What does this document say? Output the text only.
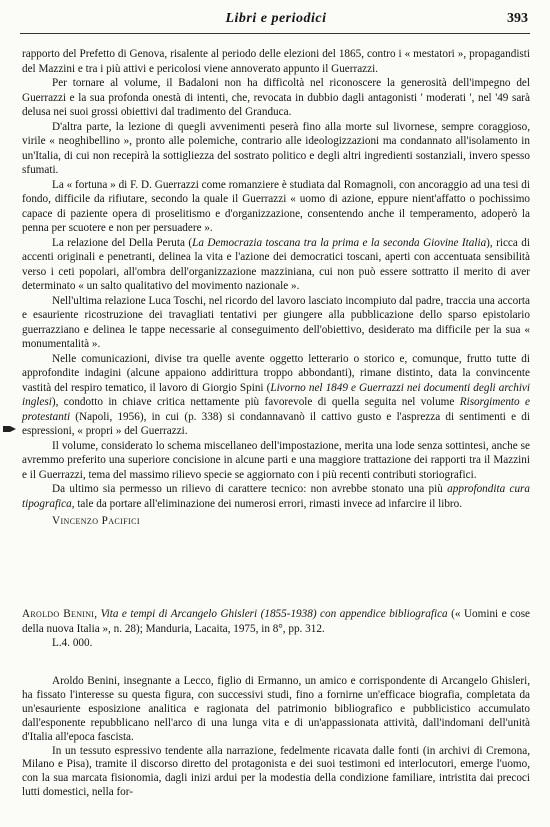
Libri e periodici	393

rapporto del Prefetto di Genova, risalente al periodo delle elezioni del 1865, contro i « mestatori », propagandisti del Mazzini e tra i più attivi e pericolosi viene annoverato appunto il Guerrazzi.

Per tornare al volume, il Badaloni non ha difficoltà nel riconoscere la generosità dell'impegno del Guerrazzi e la sua profonda onestà di intenti, che, revocata in dubbio dagli antagonisti ' moderati ', nel '49 sarà delusa nei suoi grossi obiettivi dal tradimento del Granduca.

D'altra parte, la lezione di quegli avvenimenti peserà fino alla morte sul livornese, sempre coraggioso, virile « neoghibellino », pronto alle polemiche, contrario alle ideologizzazioni ma condannato all'isolamento in un'Italia, di cui non recepirà la sottigliezza del sostrato politico e degli altri ingredienti sostanziali, invero spesso sfumati.

La « fortuna » di F. D. Guerrazzi come romanziere è studiata dal Romagnoli, con ancoraggio ad una tesi di fondo, difficile da rifiutare, secondo la quale il Guerrazzi « uomo di azione, eppure nient'affatto o pochissimo capace di paziente opera di proselitismo e d'organizzazione, consentendo anche il temperamento, adoperò la penna per scuotere e non per persuadere ».

La relazione del Della Peruta (La Democrazia toscana tra la prima e la seconda Giovine Italia), ricca di accenti originali e penetranti, delinea la vita e l'azione dei democratici toscani, aperti con accentuata sensibilità verso i ceti popolari, all'ombra dell'organizzazione mazziniana, cui non può essere sottratto il merito di aver determinato « un salto qualitativo del movimento nazionale ».

Nell'ultima relazione Luca Toschi, nel ricordo del lavoro lasciato incompiuto dal padre, traccia una accorta e esauriente ricostruzione dei travagliati tentativi per giungere alla pubblicazione dello sparso epistolario guerrazziano e delinea le tappe necessarie al conseguimento dell'obiettivo, desiderato ma difficile per la sua « monumentalità ».

Nelle comunicazioni, divise tra quelle avente oggetto letterario o storico e, comunque, frutto tutte di approfondite indagini (alcune appaiono addirittura troppo abbondanti), rimane distinto, data la convincente vastità del respiro tematico, il lavoro di Giorgio Spini (Livorno nel 1849 e Guerrazzi nei documenti degli archivi inglesi), condotto in chiave critica nettamente più favorevole di quella seguita nel volume Risorgimento e protestanti (Napoli, 1956), in cui (p. 338) si condannavanò il cattivo gusto e l'asprezza di sentimenti e di espressioni, « propri » del Guerrazzi.

Il volume, considerato lo schema miscellaneo dell'impostazione, merita una lode senza sottintesi, anche se avremmo preferito una superiore concisione in alcune parti e una maggiore trattazione dei rapporti tra il Mazzini e il Guerrazzi, tema del massimo rilievo specie se aggiornato con i più recenti contributi storiografici.

Da ultimo sia permesso un rilievo di carattere tecnico: non avrebbe stonato una più approfondita cura tipografica, tale da portare all'eliminazione dei numerosi errori, rimasti invece ad infarcire il libro.

Vincenzo Pacifici

Aroldo Benini, Vita e tempi di Arcangelo Ghisleri (1855-1938) con appendice bibliografica (« Uomini e cose della nuova Italia », n. 28); Manduria, Lacaita, 1975, in 8°, pp. 312.
L.4. 000.

Aroldo Benini, insegnante a Lecco, figlio di Ermanno, un amico e corrispondente di Arcangelo Ghisleri, ha fissato l'interesse su questa figura, con successivi studi, fino a fornirne un'efficace biografia, completata da un'esauriente esposizione analitica e ragionata del patrimonio bibliografico e pubblicistico accumulato dall'esponente repubblicano nell'arco di una lunga vita e di un'appassionata attività, dall'indomani dell'unità d'Italia all'epoca fascista.

In un tessuto espressivo tendente alla narrazione, fedelmente ricavata dalle fonti (in archivi di Cremona, Milano e Pisa), tramite il discorso diretto del protagonista e dei suoi testimoni ed interlocutori, emerge l'uomo, con la sua marcata fisionomia, dagli inizi ardui per la modestia della condizione familiare, intristita dai precoci lutti domestici, nella for-
